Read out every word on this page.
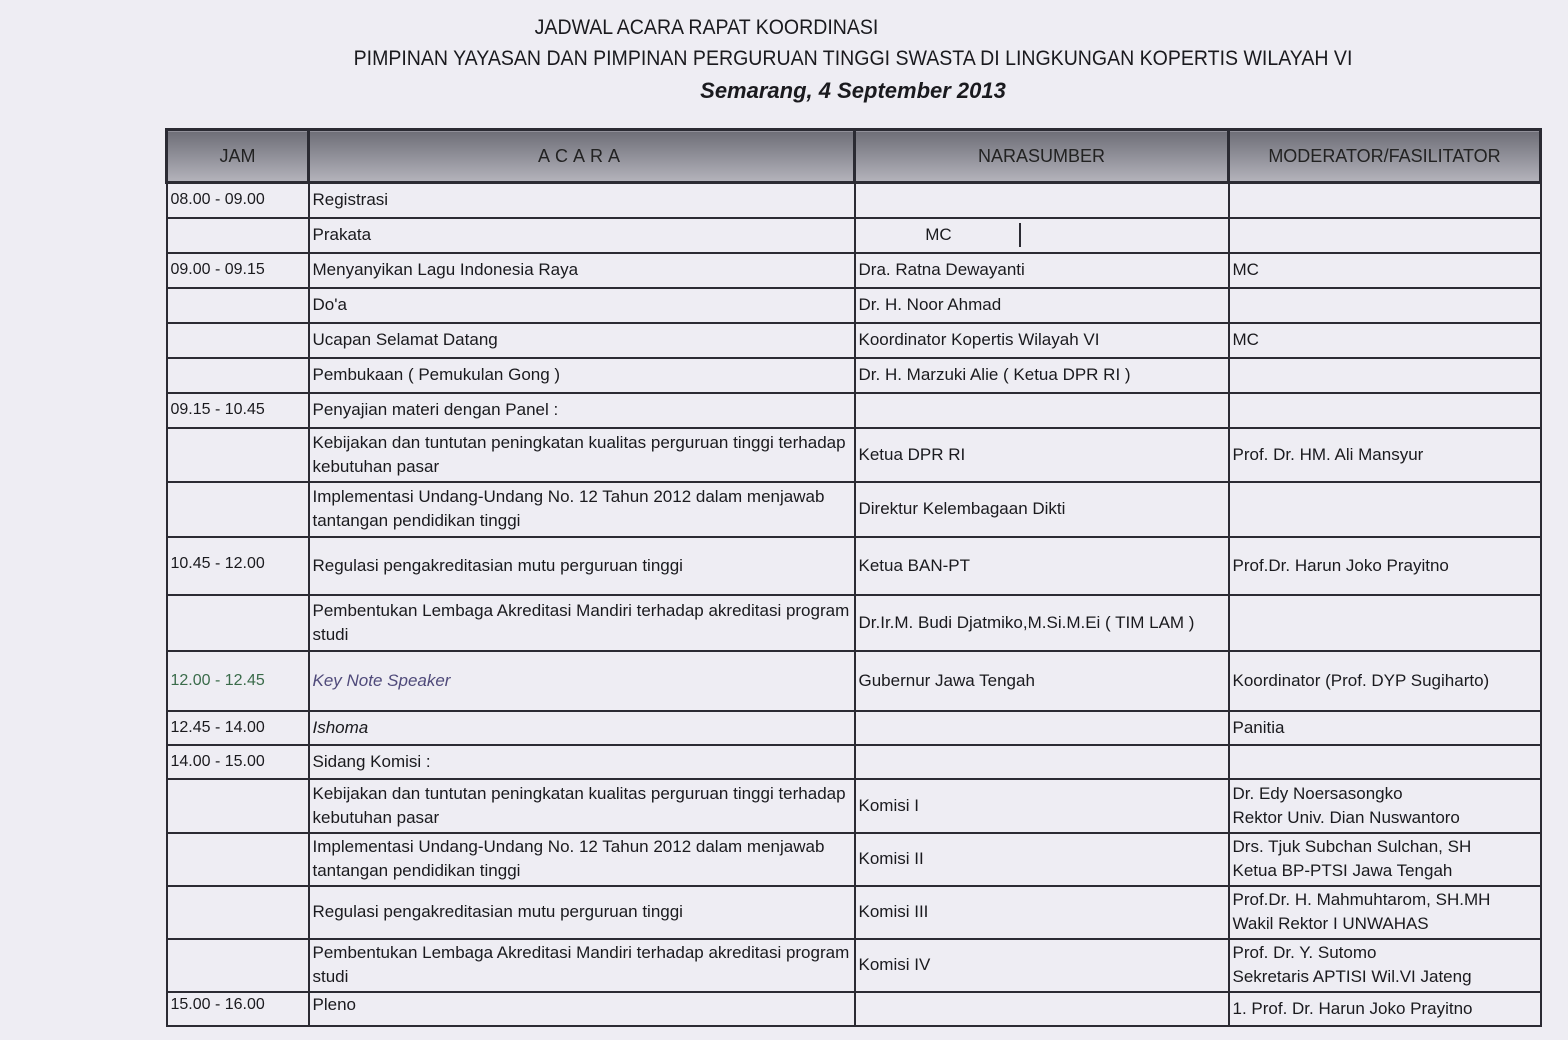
JADWAL ACARA RAPAT KOORDINASI
PIMPINAN YAYASAN DAN PIMPINAN PERGURUAN TINGGI SWASTA DI LINGKUNGAN KOPERTIS WILAYAH VI
Semarang, 4 September 2013
JAM	ACARA	NARASUMBER	MODERATOR/FASILITATOR
08.00 - 09.00	Registrasi		
	Prakata	MC	

09.00 - 09.15	Menyanyikan Lagu Indonesia Raya	Dra. Ratna Dewayanti	MC
	Do'a	Dr. H. Noor Ahmad	
	Ucapan Selamat Datang	Koordinator Kopertis Wilayah VI	MC
	Pembukaan ( Pemukulan Gong )	Dr. H. Marzuki Alie ( Ketua DPR RI )	
09.15 - 10.45	Penyajian materi dengan Panel :		
	Kebijakan dan tuntutan peningkatan kualitas perguruan tinggi terhadap kebutuhan pasar	Ketua DPR RI	Prof. Dr. HM. Ali Mansyur
	Implementasi Undang-Undang No. 12 Tahun 2012 dalam menjawab tantangan pendidikan tinggi	Direktur Kelembagaan Dikti	
10.45 - 12.00	Regulasi pengakreditasian mutu perguruan tinggi	Ketua BAN-PT	Prof.Dr. Harun Joko Prayitno
	Pembentukan Lembaga Akreditasi Mandiri terhadap akreditasi program studi	Dr.Ir.M. Budi Djatmiko,M.Si.M.Ei ( TIM LAM )	
12.00 - 12.45	Key Note Speaker	Gubernur Jawa Tengah	Koordinator (Prof. DYP Sugiharto)
12.45 - 14.00	Ishoma		Panitia
14.00 - 15.00	Sidang Komisi :		
	Kebijakan dan tuntutan peningkatan kualitas perguruan tinggi terhadap kebutuhan pasar	Komisi I	Dr. Edy Noersasongko
Rektor Univ. Dian Nuswantoro

	Implementasi Undang-Undang No. 12 Tahun 2012 dalam menjawab tantangan pendidikan tinggi	Komisi II	Drs. Tjuk Subchan Sulchan, SH
Ketua BP-PTSI Jawa Tengah

	Regulasi pengakreditasian mutu perguruan tinggi	Komisi III	Prof.Dr. H. Mahmuhtarom, SH.MH
Wakil Rektor I UNWAHAS

	Pembentukan Lembaga Akreditasi Mandiri terhadap akreditasi program studi	Komisi IV	Prof. Dr. Y. Sutomo
Sekretaris APTISI Wil.VI Jateng

15.00 - 16.00	Pleno		1. Prof. Dr. Harun Joko Prayitno
